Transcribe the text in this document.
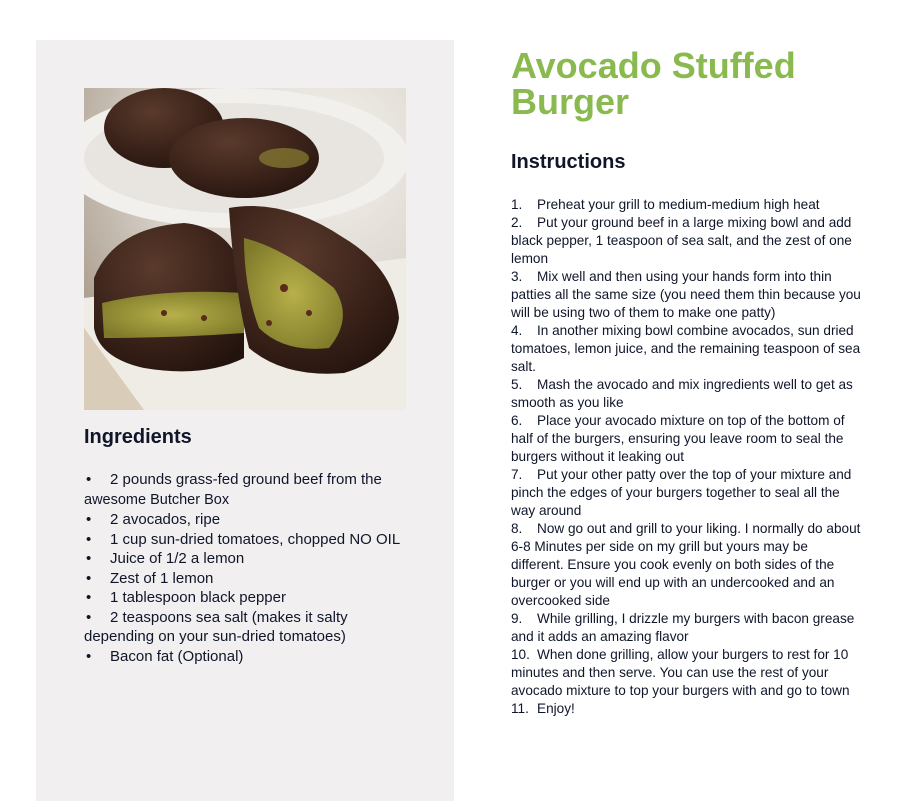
Ingredients
• 2 pounds grass-fed ground beef from the
awesome Butcher Box
• 2 avocados, ripe
• 1 cup sun-dried tomatoes, chopped NO OIL
• Juice of 1/2 a lemon
• Zest of 1 lemon
• 1 tablespoon black pepper
• 2 teaspoons sea salt (makes it salty
depending on your sun-dried tomatoes)
• Bacon fat (Optional)
Avocado Stuffed Burger
Instructions
1. Preheat your grill to medium-medium high heat
2. Put your ground beef in a large mixing bowl and add black pepper, 1 teaspoon of sea salt, and the zest of one lemon
3. Mix well and then using your hands form into thin patties all the same size (you need them thin because you will be using two of them to make one patty)
4. In another mixing bowl combine avocados, sun dried tomatoes, lemon juice, and the remaining teaspoon of sea salt.
5. Mash the avocado and mix ingredients well to get as smooth as you like
6. Place your avocado mixture on top of the bottom of half of the burgers, ensuring you leave room to seal the burgers without it leaking out
7. Put your other patty over the top of your mixture and pinch the edges of your burgers together to seal all the way around
8. Now go out and grill to your liking. I normally do about 6-8 Minutes per side on my grill but yours may be different. Ensure you cook evenly on both sides of the burger or you will end up with an undercooked and an overcooked side
9. While grilling, I drizzle my burgers with bacon grease and it adds an amazing flavor
10. When done grilling, allow your burgers to rest for 10 minutes and then serve. You can use the rest of your avocado mixture to top your burgers with and go to town
11. Enjoy!
